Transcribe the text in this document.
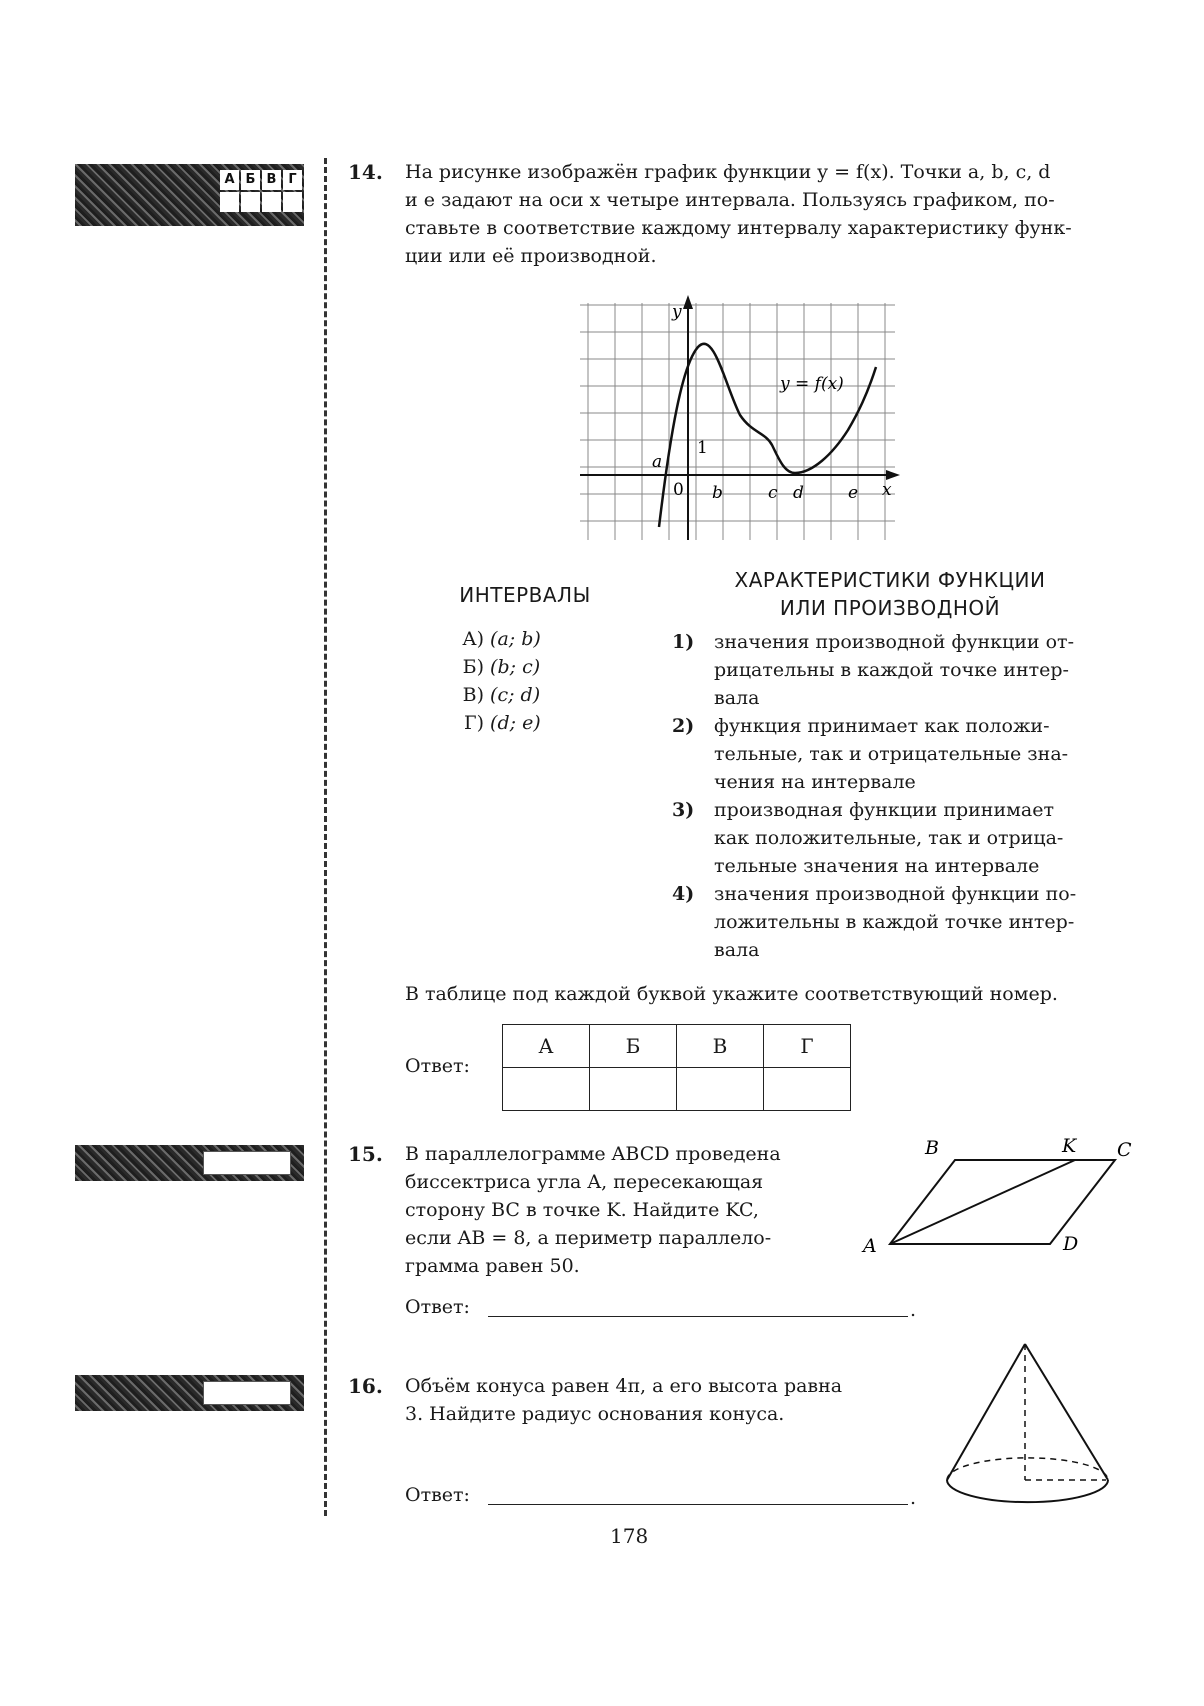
А Б В Г	14. На рисунке изображён график функции y = f(x). Точки a, b, c, d
и e задают на оси x четыре интервала. Пользуясь графиком, по-
ставьте в соответствие каждому интервалу характеристику функ-
ции или её производной.
y
x
1
0
y = f(x)
a
b	c d	e
ИНТЕРВАЛЫ
ХАРАКТЕРИСТИКИ ФУНКЦИИ
ИЛИ ПРОИЗВОДНОЙ
А) (a; b)
Б) (b; c)
В) (c; d)
Г) (d; e)
1) значения производной функции от-
рицательны в каждой точке интер-
вала
2) функция принимает как положи-
тельные, так и отрицательные зна-
чения на интервале
3) производная функции принимает
как положительные, так и отрица-
тельные значения на интервале
4) значения производной функции по-
ложительны в каждой точке интер-
вала
В таблице под каждой буквой укажите соответствующий номер.
Ответ:
А	Б	В	Г

15. В параллелограмме ABCD проведена
биссектриса угла A, пересекающая
сторону BC в точке K. Найдите KC,
если AB = 8, а периметр параллело-
грамма равен 50.
A
B	C
D
K
Ответ:	.
16. Объём конуса равен 4π, а его высота равна
3. Найдите радиус основания конуса.
Ответ:	.
178
